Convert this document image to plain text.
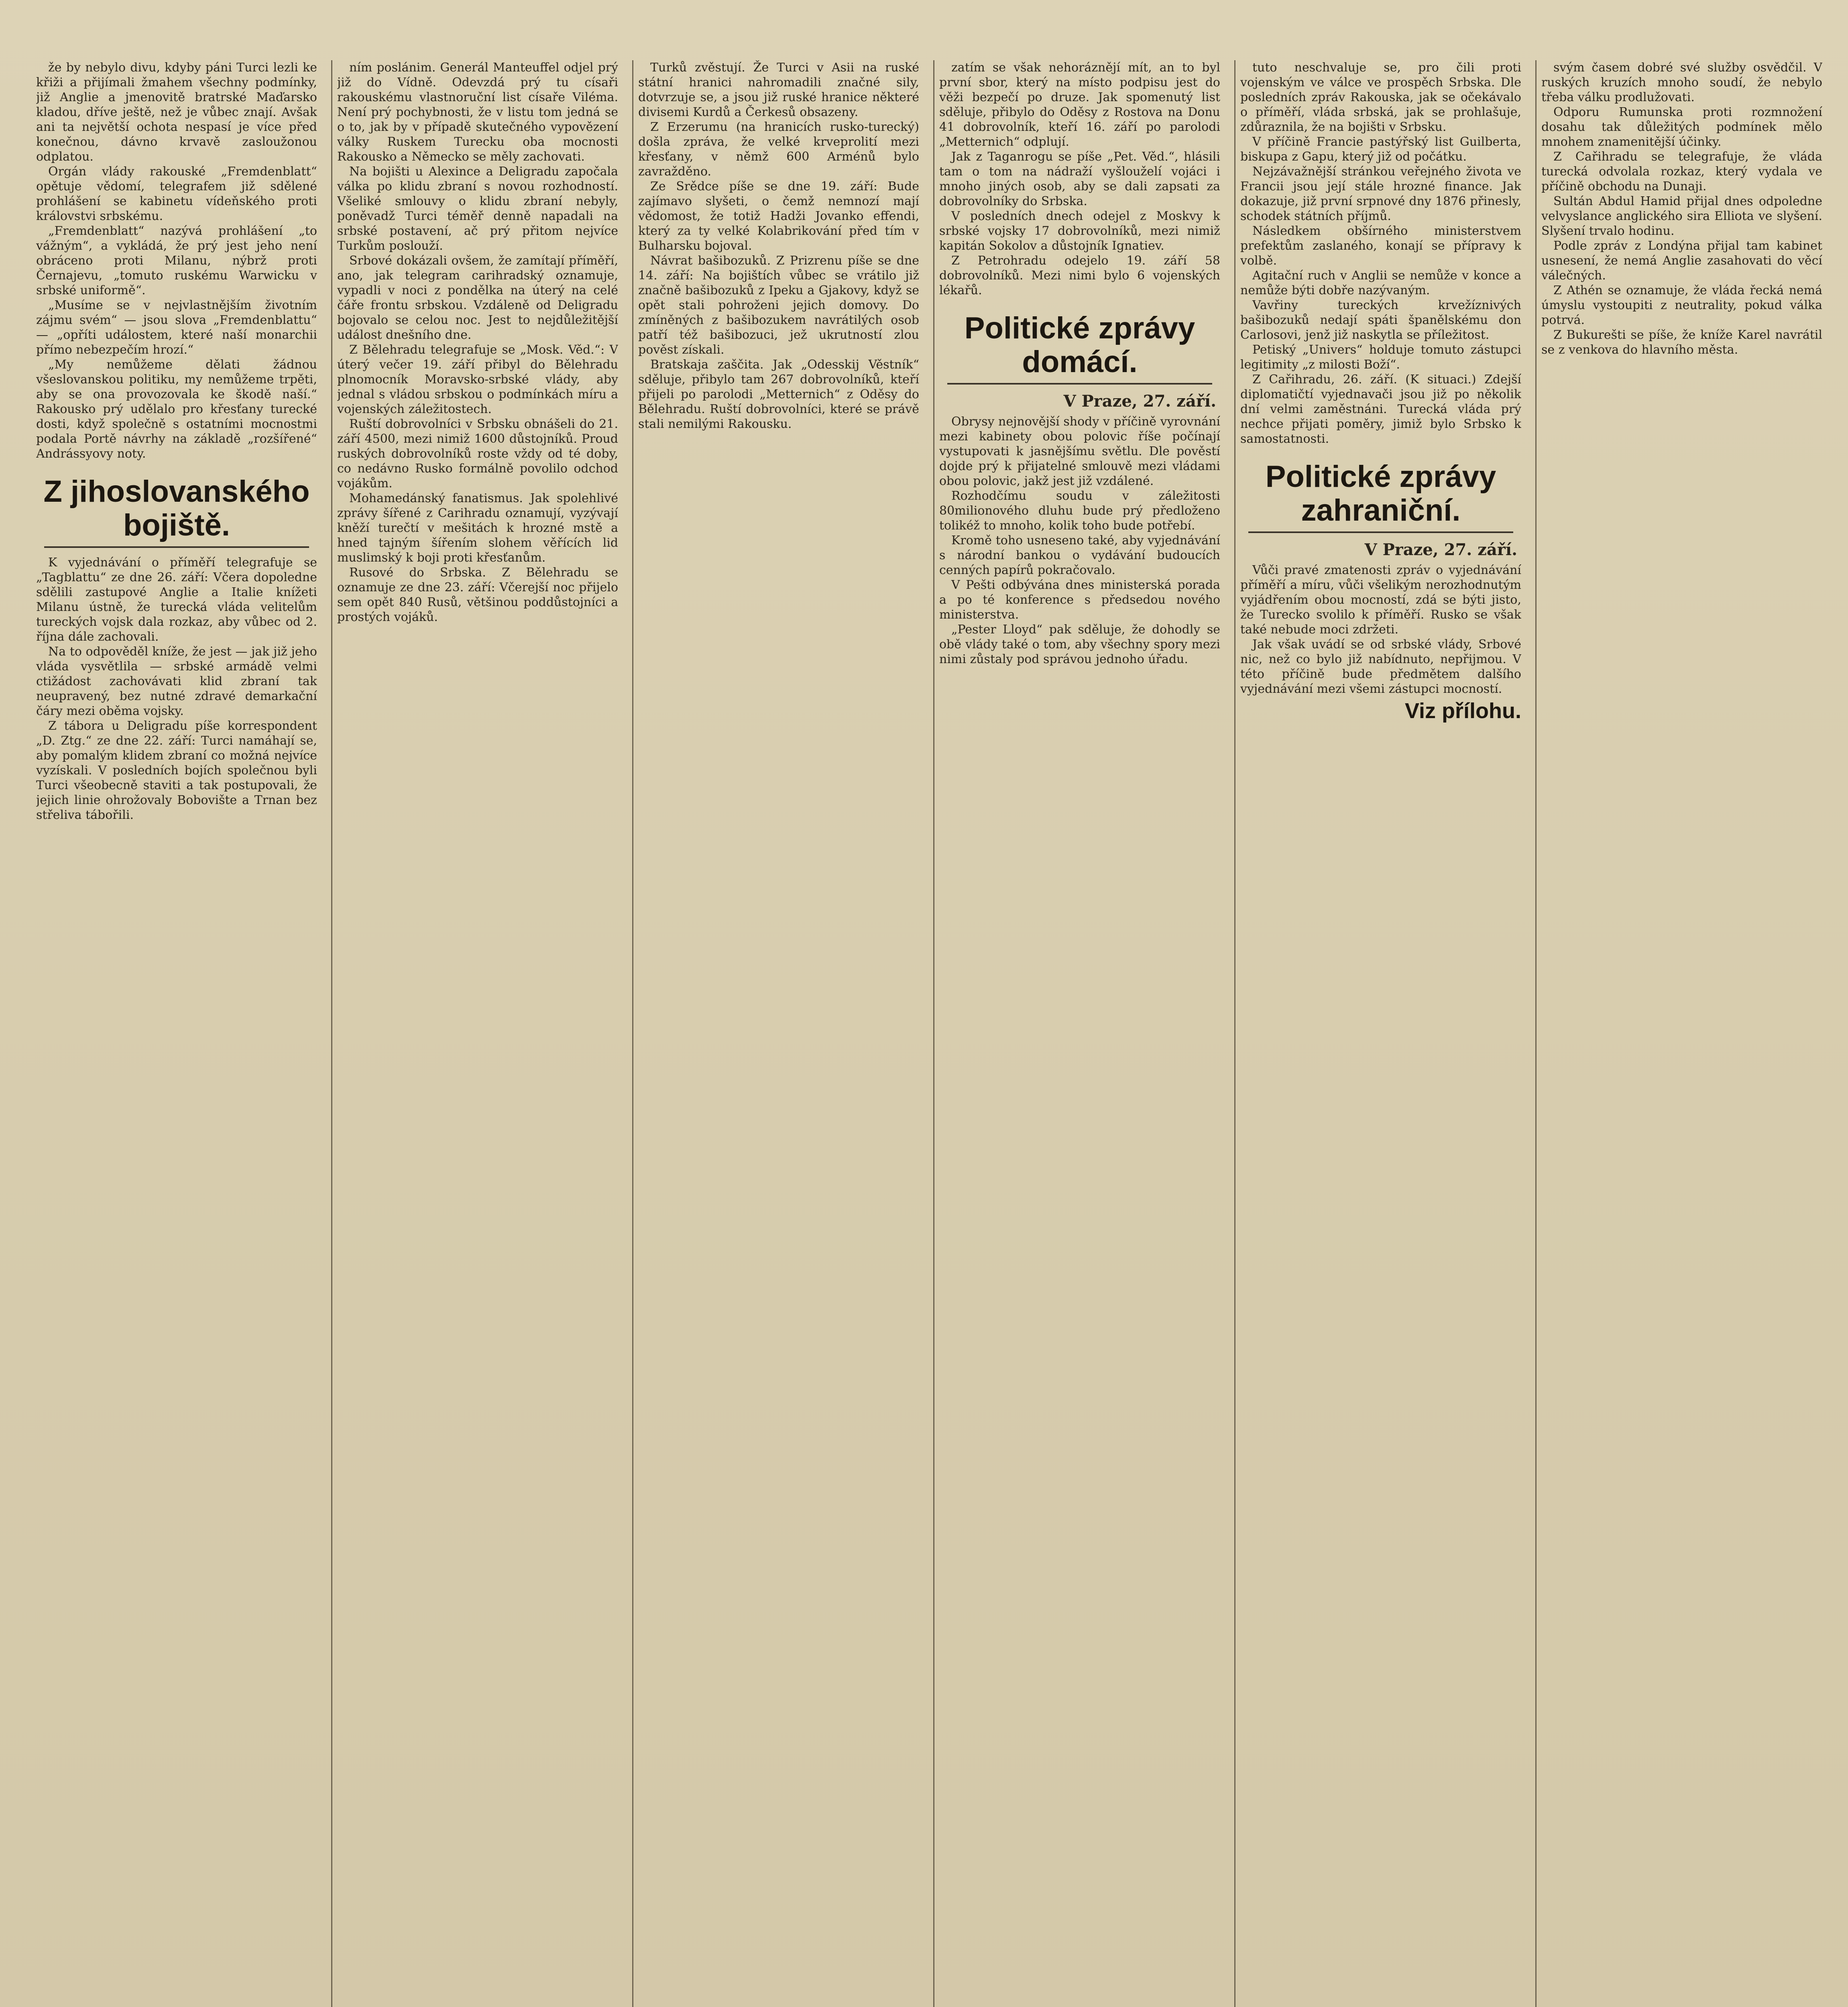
že by nebylo divu, kdyby páni Turci lezli ke křiži a přijímali žmahem všechny podmínky, již Anglie a jmenovitě bratrské Maďarsko kladou, dříve ještě, než je vůbec znají. Avšak ani ta největší ochota nespasí je více před konečnou, dávno krvavě zasloužonou odplatou.

Orgán vlády rakouské „Fremdenblatt“ opětuje vědomí, telegrafem již sdělené prohlášení se kabinetu vídeňského proti královstvi srbskému.

„Fremdenblatt“ nazývá prohlášení „to vážným“, a vykládá, že prý jest jeho není obráceno proti Milanu, nýbrž proti Černajevu, „tomuto ruskému Warwicku v srbské uniformě“.

„Musíme se v nejvlastnějším životním zájmu svém“ — jsou slova „Fremdenblattu“ — „opříti událostem, které naší monarchii přímo nebezpečím hrozí.“

„My nemůžeme dělati žádnou všeslovanskou politiku, my nemůžeme trpěti, aby se ona provozovala ke škodě naší.“ Rakousko prý udělalo pro křesťany turecké dosti, když společně s ostatními mocnostmi podala Portě návrhy na základě „rozšířené“ Andrássyovy noty.

Z jihoslovanského bojiště.

K vyjednávání o příměří telegrafuje se „Tagblattu“ ze dne 26. září: Včera dopoledne sdělili zastupové Anglie a Italie knížeti Milanu ústně, že turecká vláda velitelům tureckých vojsk dala rozkaz, aby vůbec od 2. října dále zachovali.

Na to odpověděl kníže, že jest — jak již jeho vláda vysvětlila — srbské armádě velmi ctižádost zachovávati klid zbraní tak neupravený, bez nutné zdravé demarkační čáry mezi oběma vojsky.

Z tábora u Deligradu píše korrespondent „D. Ztg.“ ze dne 22. září: Turci namáhají se, aby pomalým klidem zbraní co možná nejvíce vyzískali. V posledních bojích společnou byli Turci všeobecně staviti a tak postupovali, že jejich linie ohrožovaly Bobovište a Trnan bez střeliva tábořili.

ním poslánim. Generál Manteuffel odjel prý již do Vídně. Odevzdá prý tu císaři rakouskému vlastnoruční list císaře Viléma. Není prý pochybnosti, že v listu tom jedná se o to, jak by v případě skutečného vypovězení války Ruskem Turecku oba mocnosti Rakousko a Německo se měly zachovati.

Na bojišti u Alexince a Deligradu započala válka po klidu zbraní s novou rozhodností. Všeliké smlouvy o klidu zbraní nebyly, poněvadž Turci téměř denně napadali na srbské postavení, ač prý přitom nejvíce Turkům poslouží.

Srbové dokázali ovšem, že zamítají příměří, ano, jak telegram carihradský oznamuje, vypadli v noci z pondělka na úterý na celé čáře frontu srbskou. Vzdáleně od Deligradu bojovalo se celou noc. Jest to nejdůležitější událost dnešního dne.

Z Bělehradu telegrafuje se „Mosk. Věd.“: V úterý večer 19. září přibyl do Bělehradu plnomocník Moravsko-srbské vlády, aby jednal s vládou srbskou o podmínkách míru a vojenských záležitostech.

Ruští dobrovolníci v Srbsku obnášeli do 21. září 4500, mezi nimiž 1600 důstojníků. Proud ruských dobrovolníků roste vždy od té doby, co nedávno Rusko formálně povolilo odchod vojákům.

Mohamedánský fanatismus. Jak spolehlivé zprávy šířené z Carihradu oznamují, vyzývají kněží turečtí v mešitách k hrozné mstě a hned tajným šířením slohem věřících lid muslimský k boji proti křesťanům.

Rusové do Srbska. Z Bělehradu se oznamuje ze dne 23. září: Včerejší noc přijelo sem opět 840 Rusů, většinou poddůstojníci a prostých vojáků.

Turků zvěstují. Že Turci v Asii na ruské státní hranici nahromadili značné sily, dotvrzuje se, a jsou již ruské hranice některé divisemi Kurdů a Čerkesů obsazeny.

Z Erzerumu (na hranicích rusko-turecký) došla zpráva, že velké krveprolití mezi křesťany, v němž 600 Arménů bylo zavražděno.

Ze Srědce píše se dne 19. září: Bude zajímavo slyšeti, o čemž nemnozí mají vědomost, že totiž Hadži Jovanko effendi, který za ty velké Kolabrikování před tím v Bulharsku bojoval.

Návrat bašibozuků. Z Prizrenu píše se dne 14. září: Na bojištích vůbec se vrátilo již značně bašibozuků z Ipeku a Gjakovy, když se opět stali pohroženi jejich domovy. Do zmíněných z bašibozukem navrátilých osob patří též bašibozuci, jež ukrutností zlou pověst získali.

Bratskaja zaščita. Jak „Odesskij Věstník“ sděluje, přibylo tam 267 dobrovolníků, kteří přijeli po parolodi „Metternich“ z Oděsy do Bělehradu. Ruští dobrovolníci, které se právě stali nemilými Rakousku.

zatím se však nehoráznějí mít, an to byl první sbor, který na místo podpisu jest do věži bezpečí po druze. Jak spomenutý list sděluje, přibylo do Oděsy z Rostova na Donu 41 dobrovolník, kteří 16. září po parolodi „Metternich“ odplují.

Jak z Taganrogu se píše „Pet. Věd.“, hlásili tam o tom na nádraží vyšlouželí vojáci i mnoho jiných osob, aby se dali zapsati za dobrovolníky do Srbska.

V posledních dnech odejel z Moskvy k srbské vojsky 17 dobrovolníků, mezi nimiž kapitán Sokolov a důstojník Ignatiev.

Z Petrohradu odejelo 19. září 58 dobrovolníků. Mezi nimi bylo 6 vojenských lékařů.

Politické zprávy domácí.
V Praze, 27. září.

Obrysy nejnovější shody v příčině vyrovnání mezi kabinety obou polovic říše počínají vystupovati k jasnějšímu světlu. Dle pověstí dojde prý k přijatelné smlouvě mezi vládami obou polovic, jakž jest již vzdálené.

Rozhodčímu soudu v záležitosti 80milionového dluhu bude prý předloženo tolikéž to mnoho, kolik toho bude potřebí.

Kromě toho usneseno také, aby vyjednávání s národní bankou o vydávání budoucích cenných papírů pokračovalo.

V Pešti odbývána dnes ministerská porada a po té konference s předsedou nového ministerstva.

„Pester Lloyd“ pak sděluje, že dohodly se obě vlády také o tom, aby všechny spory mezi nimi zůstaly pod správou jednoho úřadu.

tuto neschvaluje se, pro čili proti vojenským ve válce ve prospěch Srbska. Dle posledních zpráv Rakouska, jak se očekávalo o příměří, vláda srbská, jak se prohlašuje, zdůraznila, že na bojišti v Srbsku.

V příčině Francie pastýřský list Guilberta, biskupa z Gapu, který již od počátku.

Nejzávažnější stránkou veřejného života ve Francii jsou její stále hrozné finance. Jak dokazuje, již první srpnové dny 1876 přinesly, schodek státních příjmů.

Následkem obšírného ministerstvem prefektům zaslaného, konají se přípravy k volbě.

Agitační ruch v Anglii se nemůže v konce a nemůže býti dobře nazývaným.

Vavřiny tureckých krvežíznivých bašibozuků nedají spáti španělskému don Carlosovi, jenž již naskytla se příležitost.

Petiský „Univers“ holduje tomuto zástupci legitimity „z milosti Boží“.

Z Cařihradu, 26. září. (K situaci.) Zdejší diplomatičtí vyjednavači jsou již po několik dní velmi zaměstnáni. Turecká vláda prý nechce přijati poměry, jimiž bylo Srbsko k samostatnosti.

Politické zprávy zahraniční.
V Praze, 27. září.

Vůči pravé zmatenosti zpráv o vyjednávání příměří a míru, vůči všelikým nerozhodnutým vyjádřením obou mocností, zdá se býti jisto, že Turecko svolilo k příměří. Rusko se však také nebude moci zdržeti.

Jak však uvádí se od srbské vlády, Srbové nic, než co bylo již nabídnuto, nepřijmou. V této příčině bude předmětem dalšího vyjednávání mezi všemi zástupci mocností.

Viz přílohu.

svým časem dobré své služby osvědčil. V ruských kruzích mnoho soudí, že nebylo třeba válku prodlužovati.

Odporu Rumunska proti rozmnožení dosahu tak důležitých podmínek mělo mnohem znamenitější účinky.

Z Cařihradu se telegrafuje, že vláda turecká odvolala rozkaz, který vydala ve příčině obchodu na Dunaji.

Sultán Abdul Hamid přijal dnes odpoledne velvyslance anglického sira Elliota ve slyšení. Slyšení trvalo hodinu.

Podle zpráv z Londýna přijal tam kabinet usnesení, že nemá Anglie zasahovati do věcí válečných.

Z Athén se oznamuje, že vláda řecká nemá úmyslu vystoupiti z neutrality, pokud válka potrvá.

Z Bukurešti se píše, že kníže Karel navrátil se z venkova do hlavního města.
